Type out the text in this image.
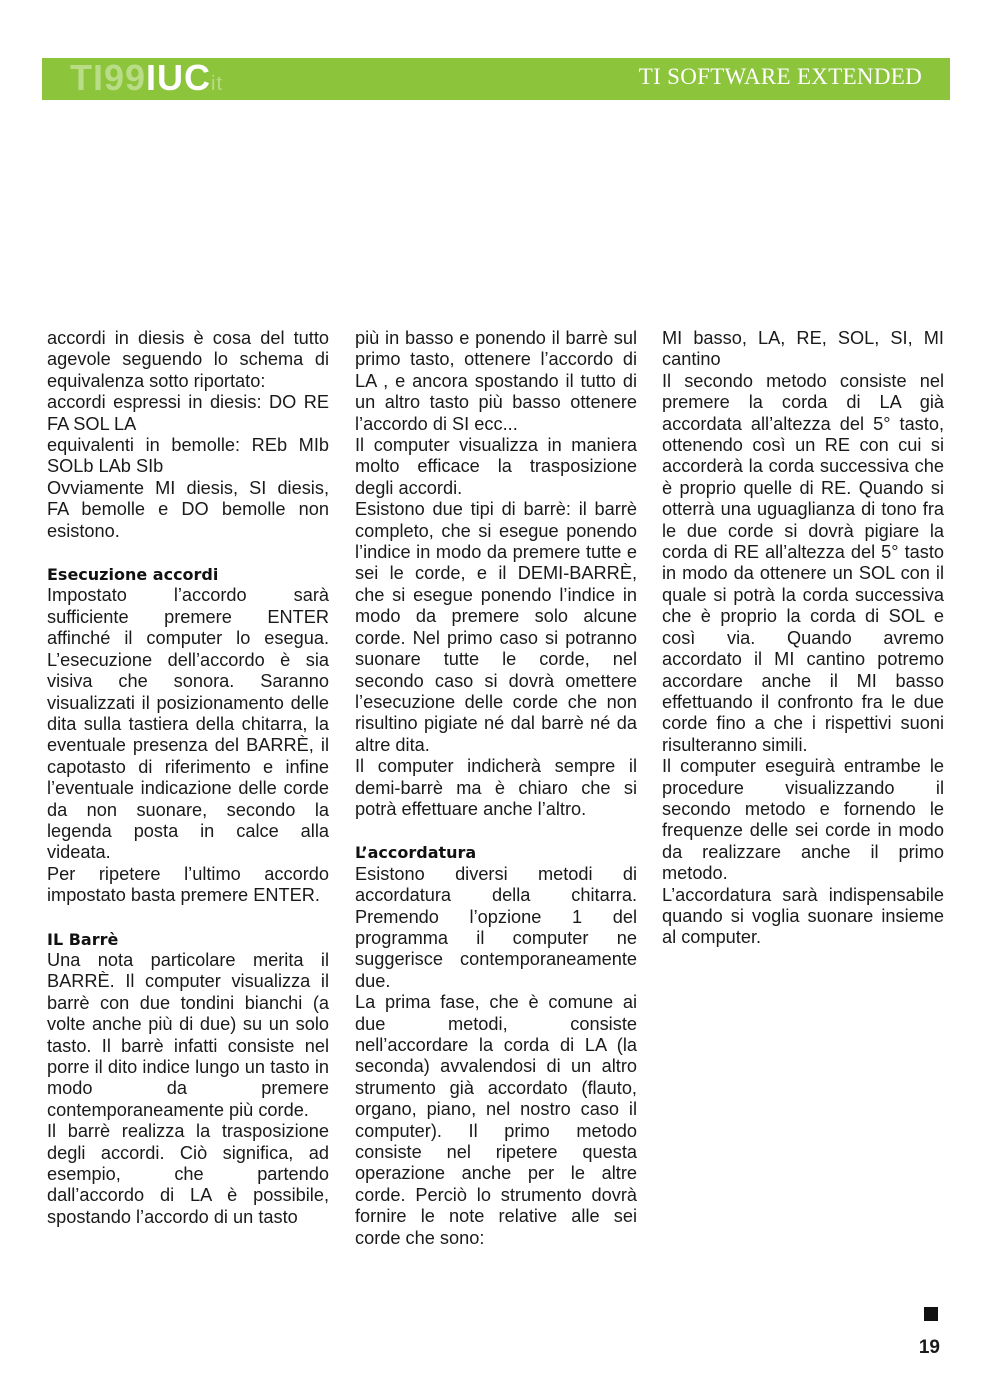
TI99IUCit	TI SOFTWARE EXTENDED

accordi in diesis è cosa del tutto agevole seguendo lo schema di equivalenza sotto riportato:

accordi espressi in diesis: DO RE FA SOL LA

equivalenti in bemolle: REb MIb SOLb LAb SIb

Ovviamente MI diesis, SI diesis, FA bemolle e DO bemolle non esistono.

Esecuzione accordi

Impostato l’accordo sarà sufficiente premere ENTER affinché il computer lo esegua. L’esecuzione dell’accordo è sia visiva che sonora. Saranno visualizzati il posizionamento delle dita sulla tastiera della chitarra, la eventuale presenza del BARRÈ, il capotasto di riferimento e infine l’eventuale indicazione delle corde da non suonare, secondo la legenda posta in calce alla videata.

Per ripetere l’ultimo accordo impostato basta premere ENTER.

IL Barrè

Una nota particolare merita il BARRÈ. Il computer visualizza il barrè con due tondini bianchi (a volte anche più di due) su un solo tasto. Il barrè infatti consiste nel porre il dito indice lungo un tasto in modo da premere contemporaneamente più corde.

Il barrè realizza la trasposizione degli accordi. Ciò significa, ad esempio, che partendo dall’accordo di LA è possibile, spostando l’accordo di un tasto

più in basso e ponendo il barrè sul primo tasto, ottenere l’accordo di LA , e ancora spostando il tutto di un altro tasto più basso ottenere l’accordo di SI ecc...

Il computer visualizza in maniera molto efficace la trasposizione degli accordi.

Esistono due tipi di barrè: il barrè completo, che si esegue ponendo l’indice in modo da premere tutte e sei le corde, e il DEMI-BARRÈ, che si esegue ponendo l’indice in modo da premere solo alcune corde. Nel primo caso si potranno suonare tutte le corde, nel secondo caso si dovrà omettere l’esecuzione delle corde che non risultino pigiate né dal barrè né da altre dita.

Il computer indicherà sempre il demi-barrè ma è chiaro che si potrà effettuare anche l’altro.

L’accordatura

Esistono diversi metodi di accordatura della chitarra. Premendo l’opzione 1 del programma il computer ne suggerisce contemporaneamente due.

La prima fase, che è comune ai due metodi, consiste nell’accordare la corda di LA (la seconda) avvalendosi di un altro strumento già accordato (flauto, organo, piano, nel nostro caso il computer). Il primo metodo consiste nel ripetere questa operazione anche per le altre corde. Perciò lo strumento dovrà fornire le note relative alle sei corde che sono:

MI basso, LA, RE, SOL, SI, MI cantino

Il secondo metodo consiste nel premere la corda di LA già accordata all’altezza del 5° tasto, ottenendo così un RE con cui si accorderà la corda successiva che è proprio quelle di RE. Quando si otterrà una uguaglianza di tono fra le due corde si dovrà pigiare la corda di RE all’altezza del 5° tasto in modo da ottenere un SOL con il quale si potrà la corda successiva che è proprio la corda di SOL e così via. Quando avremo accordato il MI cantino potremo accordare anche il MI basso effettuando il confronto fra le due corde fino a che i rispettivi suoni risulteranno simili.

Il computer eseguirà entrambe le procedure visualizzando il secondo metodo e fornendo le frequenze delle sei corde in modo da realizzare anche il primo metodo.

L’accordatura sarà indispensabile quando si voglia suonare insieme al computer.

19
